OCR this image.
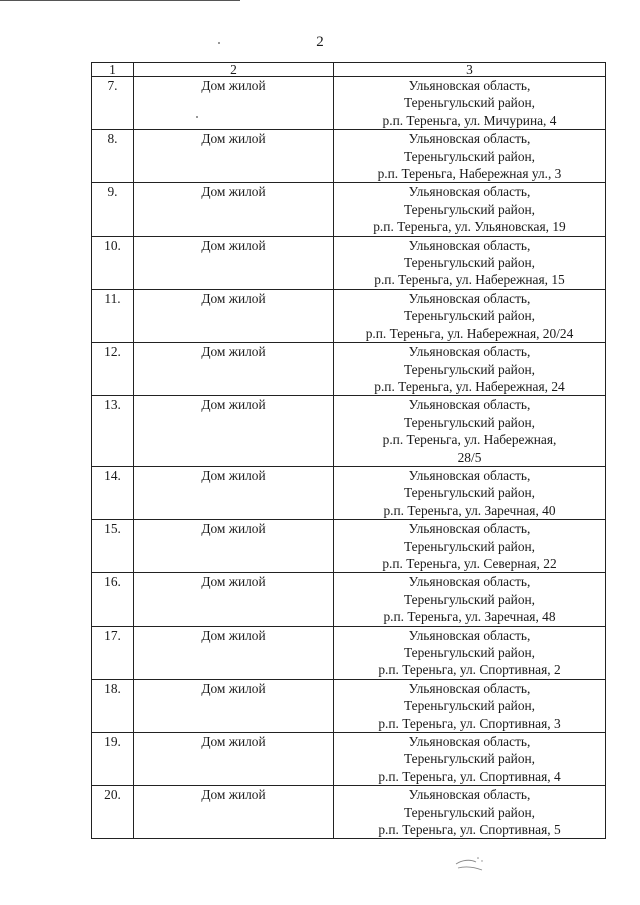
2
1	2	3
7.	Дом жилой	Ульяновская область,
Тереньгульский район,
р.п. Тереньга, ул. Мичурина, 4

8.	Дом жилой	Ульяновская область,
Тереньгульский район,
р.п. Тереньга, Набережная ул., 3

9.	Дом жилой	Ульяновская область,
Тереньгульский район,
р.п. Тереньга, ул. Ульяновская, 19

10.	Дом жилой	Ульяновская область,
Тереньгульский район,
р.п. Тереньга, ул. Набережная, 15

11.	Дом жилой	Ульяновская область,
Тереньгульский район,
р.п. Тереньга, ул. Набережная, 20/24

12.	Дом жилой	Ульяновская область,
Тереньгульский район,
р.п. Тереньга, ул. Набережная, 24

13.	Дом жилой	Ульяновская область,
Тереньгульский район,
р.п. Тереньга, ул. Набережная,
28/5

14.	Дом жилой	Ульяновская область,
Тереньгульский район,
р.п. Тереньга, ул. Заречная, 40

15.	Дом жилой	Ульяновская область,
Тереньгульский район,
р.п. Тереньга, ул. Северная, 22

16.	Дом жилой	Ульяновская область,
Тереньгульский район,
р.п. Тереньга, ул. Заречная, 48

17.	Дом жилой	Ульяновская область,
Тереньгульский район,
р.п. Тереньга, ул. Спортивная, 2

18.	Дом жилой	Ульяновская область,
Тереньгульский район,
р.п. Тереньга, ул. Спортивная, 3

19.	Дом жилой	Ульяновская область,
Тереньгульский район,
р.п. Тереньга, ул. Спортивная, 4

20.	Дом жилой	Ульяновская область,
Тереньгульский район,
р.п. Тереньга, ул. Спортивная, 5
